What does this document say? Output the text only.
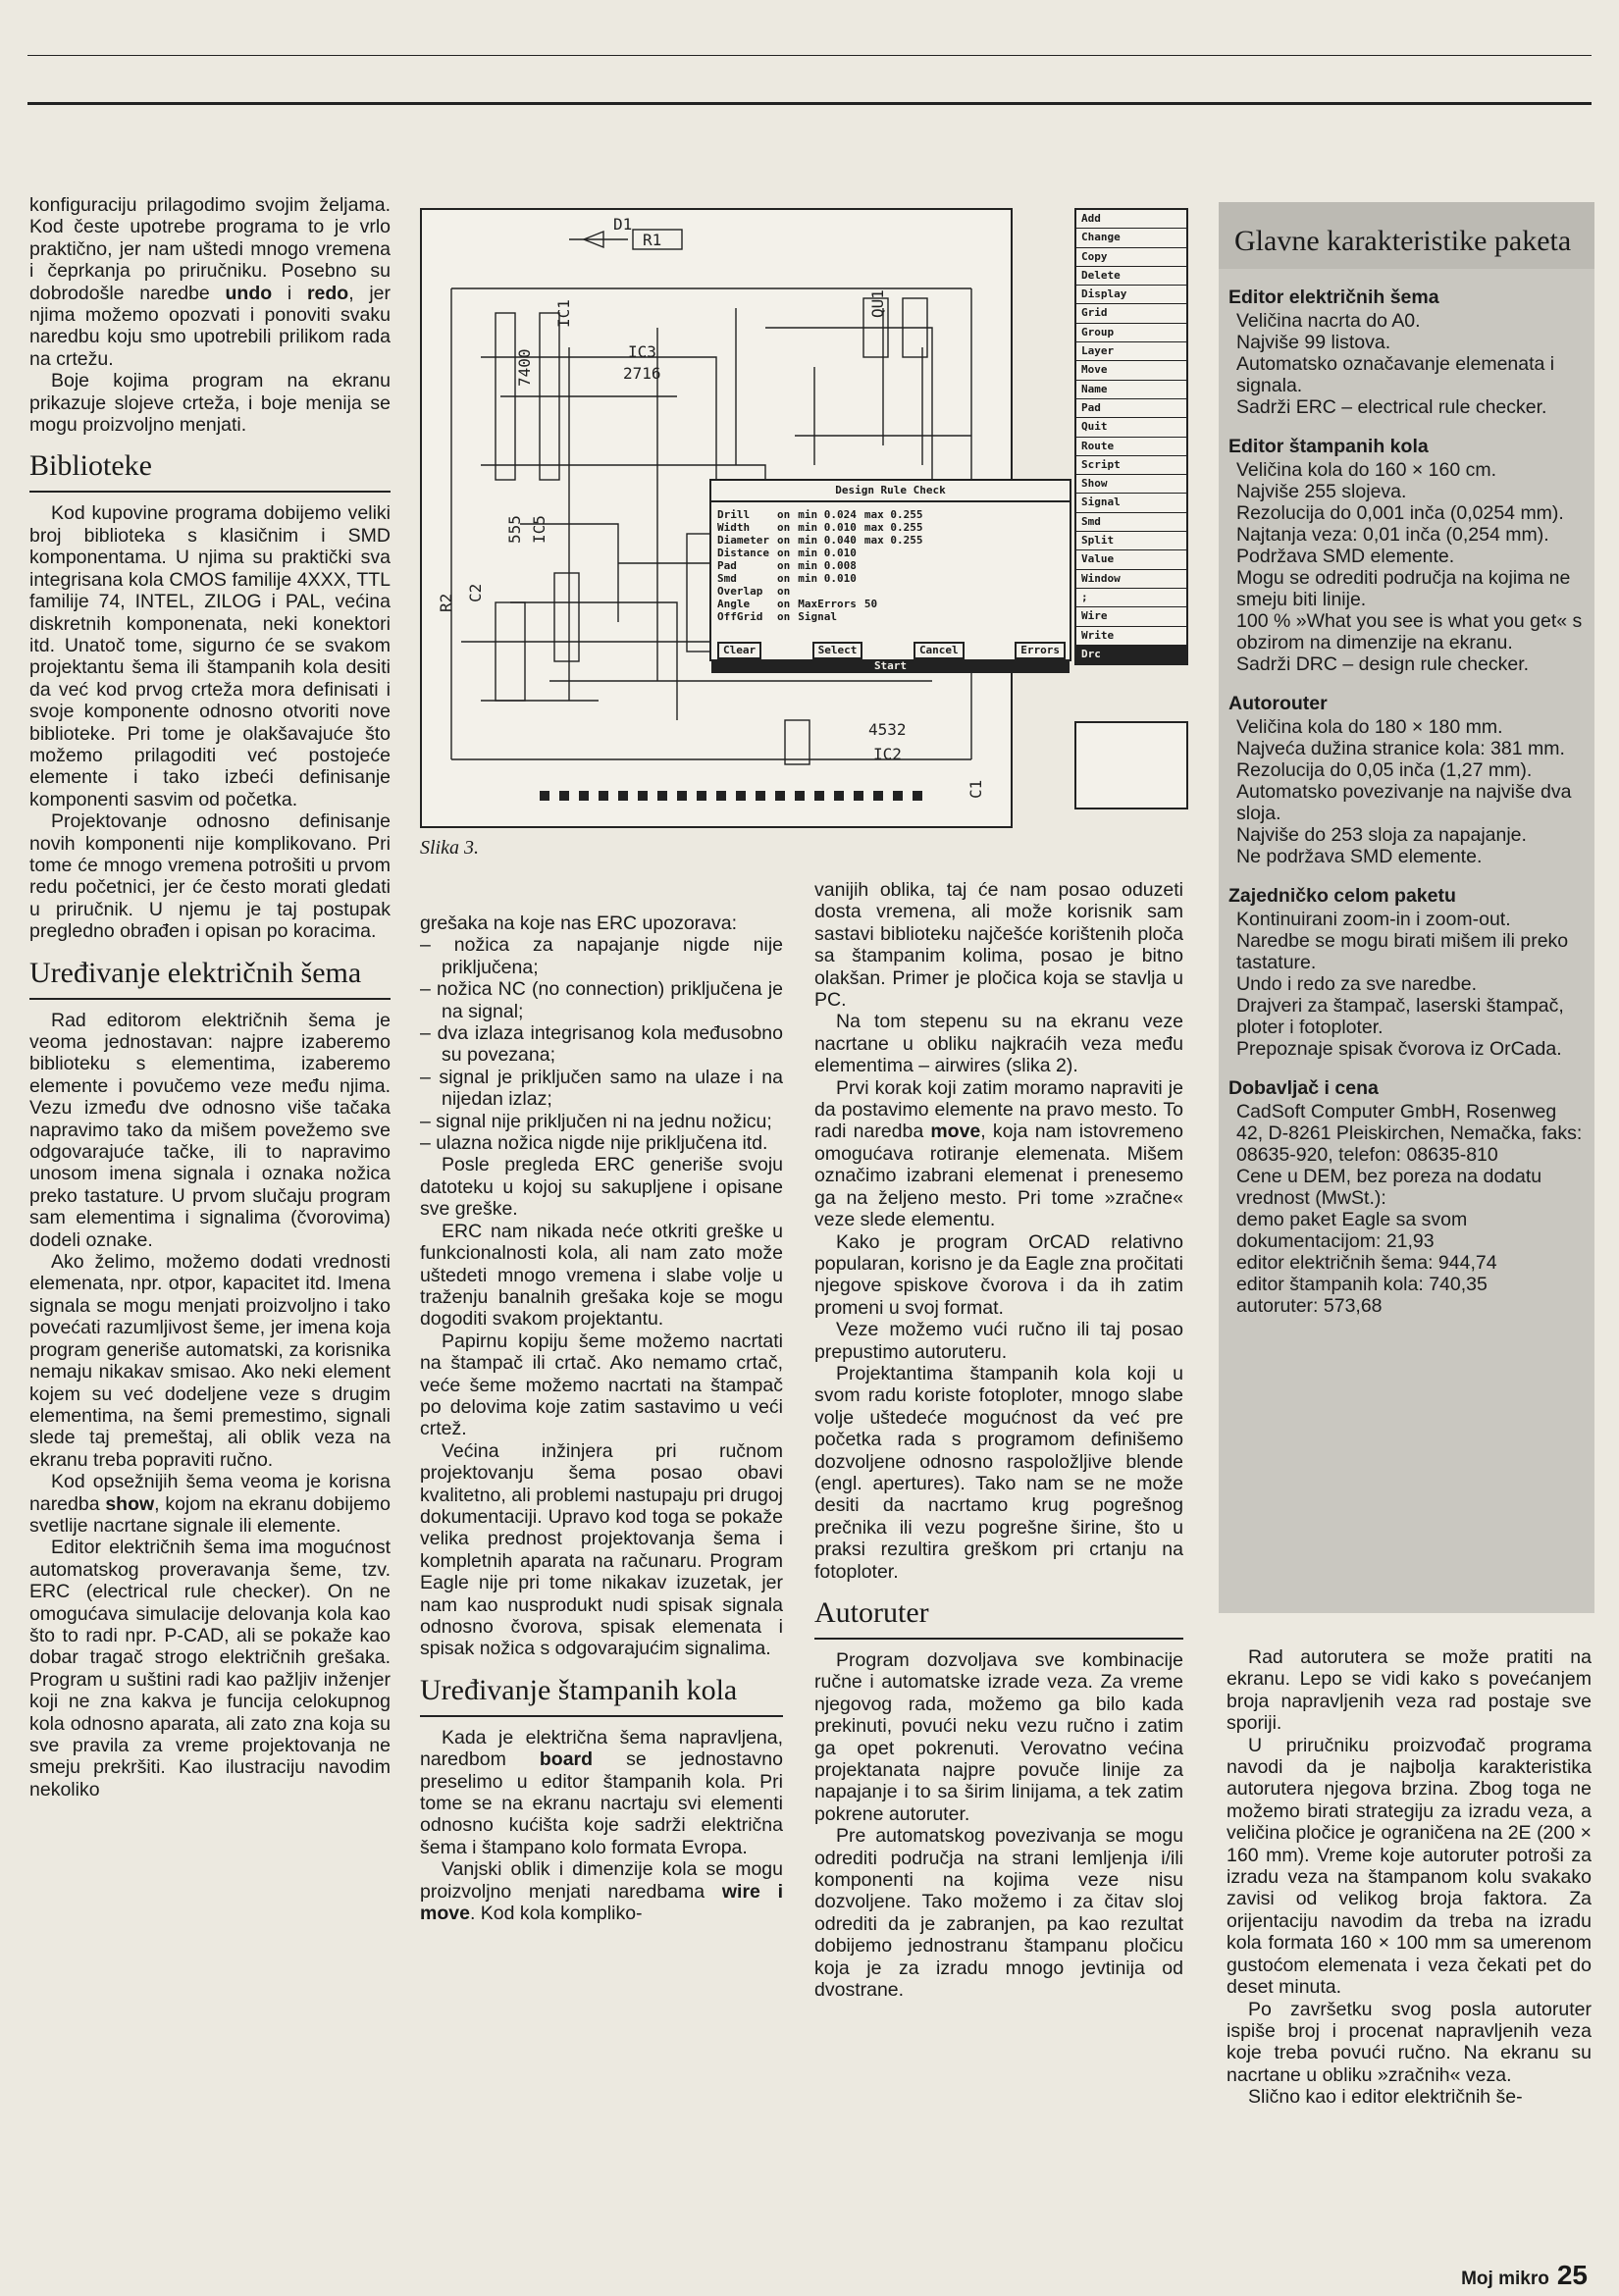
konfiguraciju prilagodimo svojim željama. Kod česte upotrebe programa to je vrlo praktično, jer nam uštedi mnogo vremena i čeprkanja po priručniku. Posebno su dobrodošle naredbe undo i redo, jer njima možemo opozvati i ponoviti svaku naredbu koju smo upotrebili prilikom rada na crtežu.

Boje kojima program na ekranu prikazuje slojeve crteža, i boje menija se mogu proizvoljno menjati.

Biblioteke

Kod kupovine programa dobijemo veliki broj biblioteka s klasičnim i SMD komponentama. U njima su praktički sva integrisana kola CMOS familije 4XXX, TTL familije 74, INTEL, ZILOG i PAL, većina diskretnih komponenata, neki konektori itd. Unatoč tome, sigurno će se svakom projektantu šema ili štampanih kola desiti da već kod prvog crteža mora definisati i svoje komponente odnosno otvoriti nove biblioteke. Pri tome je olakšavajuće što možemo prilagoditi već postojeće elemente i tako izbeći definisanje komponenti sasvim od početka.

Projektovanje odnosno definisanje novih komponenti nije komplikovano. Pri tome će mnogo vremena potrošiti u prvom redu početnici, jer će često morati gledati u priručnik. U njemu je taj postupak pregledno obrađen i opisan po koracima.

Uređivanje električnih šema

Rad editorom električnih šema je veoma jednostavan: najpre izaberemo biblioteku s elementima, izaberemo elemente i povučemo veze među njima. Vezu između dve odnosno više tačaka napravimo tako da mišem povežemo sve odgovarajuće tačke, ili to napravimo unosom imena signala i oznaka nožica preko tastature. U prvom slučaju program sam elementima i signalima (čvorovima) dodeli oznake.

Ako želimo, možemo dodati vrednosti elemenata, npr. otpor, kapacitet itd. Imena signala se mogu menjati proizvoljno i tako povećati razumljivost šeme, jer imena koja program generiše automatski, za korisnika nemaju nikakav smisao. Ako neki element kojem su već dodeljene veze s drugim elementima, na šemi premestimo, signali slede taj premeštaj, ali oblik veza na ekranu treba popraviti ručno.

Kod opsežnijih šema veoma je korisna naredba show, kojom na ekranu dobijemo svetlije nacrtane signale ili elemente.

Editor električnih šema ima mogućnost automatskog proveravanja šeme, tzv. ERC (electrical rule checker). On ne omogućava simulacije delovanja kola kao što to radi npr. P-CAD, ali se pokaže kao dobar tragač strogo električnih grešaka. Program u suštini radi kao pažljiv inženjer koji ne zna kakva je funcija celokupnog kola odnosno aparata, ali zato zna koja su sve pravila za vreme projektovanja ne smeju prekršiti. Kao ilustraciju navodim nekoliko

D1
R1
IC3
2716
7400
IC1	QU1
R2
C2
555 IC5
4532
IC2
C1
Add
Change
Copy
Delete
Display
Grid
Group
Layer
Move
Name
Pad
Quit
Route
Script
Show
Signal
Smd
Split
Value
Window
;
Wire
Write
Drc
Design Rule Check
Drill	on	min 0.024	max 0.255
Width	on	min 0.010	max 0.255
Diameter	on	min 0.040	max 0.255
Distance	on	min 0.010	
Pad	on	min 0.008	
Smd	on	min 0.010	
Overlap	on		
Angle	on	MaxErrors	50
OffGrid	on	Signal	
Clear	Select	Cancel	Errors
Start
Slika 3.

grešaka na koje nas ERC upozorava:

– nožica za napajanje nigde nije priključena;
– nožica NC (no connection) priključena je na signal;
– dva izlaza integrisanog kola međusobno su povezana;
– signal je priključen samo na ulaze i na nijedan izlaz;
– signal nije priključen ni na jednu nožicu;
– ulazna nožica nigde nije priključena itd.

Posle pregleda ERC generiše svoju datoteku u kojoj su sakupljene i opisane sve greške.

ERC nam nikada neće otkriti greške u funkcionalnosti kola, ali nam zato može uštedeti mnogo vremena i slabe volje u traženju banalnih grešaka koje se mogu dogoditi svakom projektantu.

Papirnu kopiju šeme možemo nacrtati na štampač ili crtač. Ako nemamo crtač, veće šeme možemo nacrtati na štampač po delovima koje zatim sastavimo u veći crtež.

Većina inžinjera pri ručnom projektovanju šema posao obavi kvalitetno, ali problemi nastupaju pri drugoj dokumentaciji. Upravo kod toga se pokaže velika prednost projektovanja šema i kompletnih aparata na računaru. Program Eagle nije pri tome nikakav izuzetak, jer nam kao nusprodukt nudi spisak signala odnosno čvorova, spisak elemenata i spisak nožica s odgovarajućim signalima.

Uređivanje štampanih kola

Kada je električna šema napravljena, naredbom board se jednostavno preselimo u editor štampanih kola. Pri tome se na ekranu nacrtaju svi elementi odnosno kućišta koje sadrži električna šema i štampano kolo formata Evropa.

Vanjski oblik i dimenzije kola se mogu proizvoljno menjati naredbama wire i move. Kod kola kompliko-

vanijih oblika, taj će nam posao oduzeti dosta vremena, ali može korisnik sam sastavi biblioteku najčešće korištenih ploča sa štampanim kolima, posao je bitno olakšan. Primer je pločica koja se stavlja u PC.

Na tom stepenu su na ekranu veze nacrtane u obliku najkraćih veza među elementima – airwires (slika 2).

Prvi korak koji zatim moramo napraviti je da postavimo elemente na pravo mesto. To radi naredba move, koja nam istovremeno omogućava rotiranje elemenata. Mišem označimo izabrani elemenat i prenesemo ga na željeno mesto. Pri tome »zračne« veze slede elementu.

Kako je program OrCAD relativno popularan, korisno je da Eagle zna pročitati njegove spiskove čvorova i da ih zatim promeni u svoj format.

Veze možemo vući ručno ili taj posao prepustimo autoruteru.

Projektantima štampanih kola koji u svom radu koriste fotoploter, mnogo slabe volje uštedeće mogućnost da već pre početka rada s programom definišemo dozvoljene odnosno raspoložljive blende (engl. apertures). Tako nam se ne može desiti da nacrtamo krug pogrešnog prečnika ili vezu pogrešne širine, što u praksi rezultira greškom pri crtanju na fotoploter.

Autoruter

Program dozvoljava sve kombinacije ručne i automatske izrade veza. Za vreme njegovog rada, možemo ga bilo kada prekinuti, povući neku vezu ručno i zatim ga opet pokrenuti. Verovatno većina projektanata najpre povuče linije za napajanje i to sa širim linijama, a tek zatim pokrene autoruter.

Pre automatskog povezivanja se mogu odrediti područja na strani lemljenja i/ili komponenti na kojima veze nisu dozvoljene. Tako možemo i za čitav sloj odrediti da je zabranjen, pa kao rezultat dobijemo jednostranu štampanu pločicu koja je za izradu mnogo jevtinija od dvostrane.

Glavne karakteristike paketa
Editor električnih šema

Veličina nacrta do A0.

Najviše 99 listova.

Automatsko označavanje elemenata i signala.

Sadrži ERC – electrical rule checker.

Editor štampanih kola

Veličina kola do 160 × 160 cm.

Najviše 255 slojeva.

Rezolucija do 0,001 inča (0,0254 mm).

Najtanja veza: 0,01 inča (0,254 mm).

Podržava SMD elemente.

Mogu se odrediti područja na kojima ne smeju biti linije.

100 % »What you see is what you get« s obzirom na dimenzije na ekranu.

Sadrži DRC – design rule checker.

Autorouter

Veličina kola do 180 × 180 mm.

Najveća dužina stranice kola: 381 mm.

Rezolucija do 0,05 inča (1,27 mm).

Automatsko povezivanje na najviše dva sloja.

Najviše do 253 sloja za napajanje.

Ne podržava SMD elemente.

Zajedničko celom paketu

Kontinuirani zoom-in i zoom-out.

Naredbe se mogu birati mišem ili preko tastature.

Undo i redo za sve naredbe.

Drajveri za štampač, laserski štampač, ploter i fotoploter.

Prepoznaje spisak čvorova iz OrCada.

Dobavljač i cena

CadSoft Computer GmbH, Rosenweg 42, D-8261 Pleiskirchen, Nemačka, faks: 08635-920, telefon: 08635-810

Cene u DEM, bez poreza na dodatu vrednost (MwSt.):

demo paket Eagle sa svom dokumentacijom: 21,93

editor električnih šema: 944,74

editor štampanih kola: 740,35

autoruter: 573,68

Rad autorutera se može pratiti na ekranu. Lepo se vidi kako s povećanjem broja napravljenih veza rad postaje sve sporiji.

U priručniku proizvođač programa navodi da je najbolja karakteristika autorutera njegova brzina. Zbog toga ne možemo birati strategiju za izradu veza, a veličina pločice je ograničena na 2E (200 × 160 mm). Vreme koje autoruter potroši za izradu veza na štampanom kolu svakako zavisi od velikog broja faktora. Za orijentaciju navodim da treba na izradu kola formata 160 × 100 mm sa umerenom gustoćom elemenata i veza čekati pet do deset minuta.

Po završetku svog posla autoruter ispiše broj i procenat napravljenih veza koje treba povući ručno. Na ekranu su nacrtane u obliku »zračnih« veza.

Slično kao i editor električnih še-

Moj mikro 25
